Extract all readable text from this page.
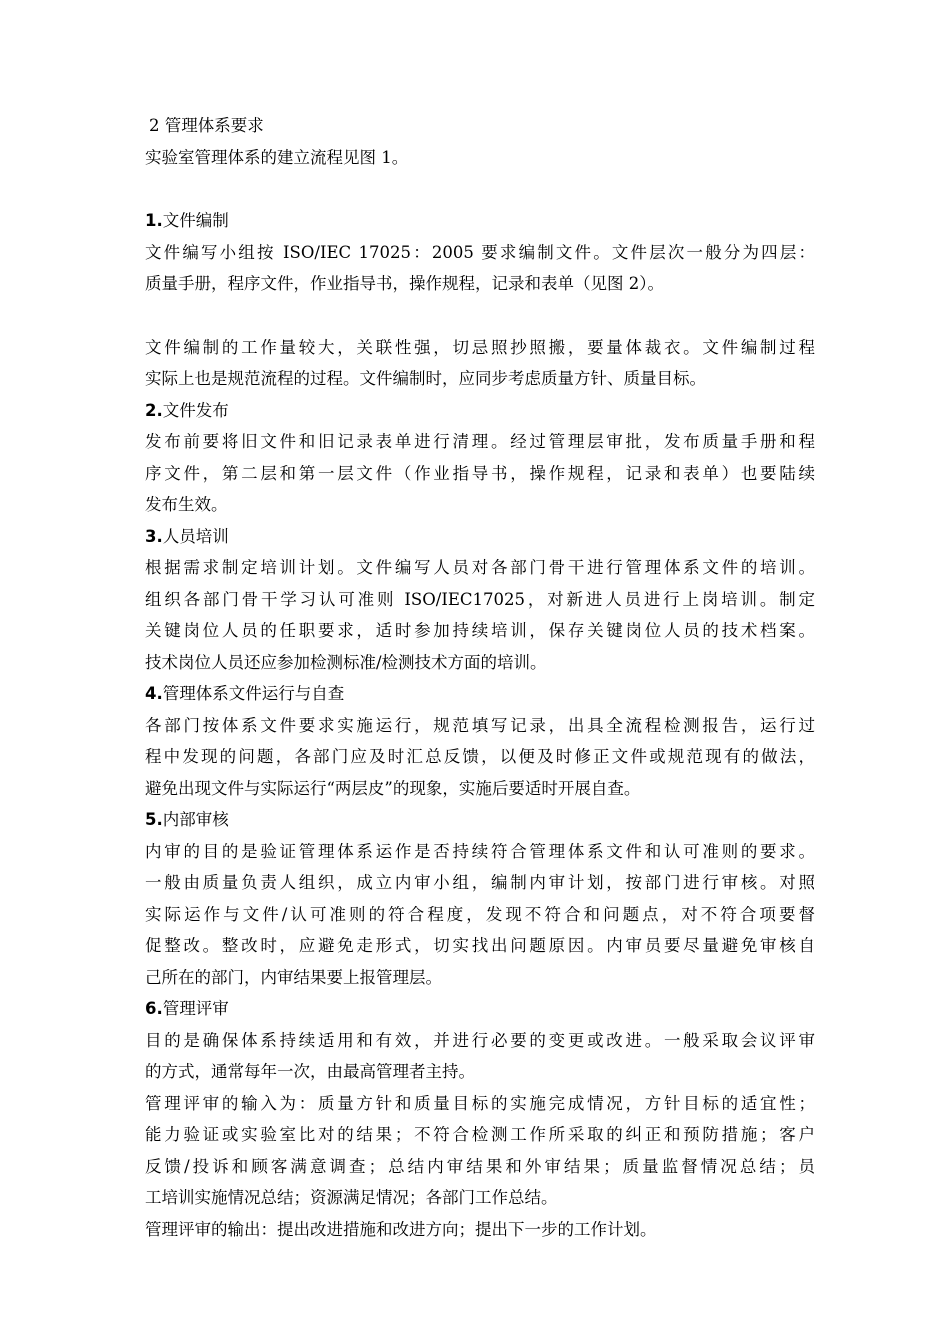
2 管理体系要求
实验室管理体系的建立流程见图 1。
1.文件编制
文件编写小组按 ISO/IEC 17025：2005 要求编制文件。文件层次一般分为四层：
质量手册，程序文件，作业指导书，操作规程，记录和表单（见图 2）。
文件编制的工作量较大，关联性强，切忌照抄照搬，要量体裁衣。文件编制过程
实际上也是规范流程的过程。文件编制时，应同步考虑质量方针、质量目标。
2.文件发布
发布前要将旧文件和旧记录表单进行清理。经过管理层审批，发布质量手册和程
序文件，第二层和第一层文件（作业指导书，操作规程，记录和表单）也要陆续
发布生效。
3.人员培训
根据需求制定培训计划。文件编写人员对各部门骨干进行管理体系文件的培训。
组织各部门骨干学习认可准则 ISO/IEC17025，对新进人员进行上岗培训。制定
关键岗位人员的任职要求，适时参加持续培训，保存关键岗位人员的技术档案。
技术岗位人员还应参加检测标准/检测技术方面的培训。
4.管理体系文件运行与自查
各部门按体系文件要求实施运行，规范填写记录，出具全流程检测报告，运行过
程中发现的问题，各部门应及时汇总反馈，以便及时修正文件或规范现有的做法，
避免出现文件与实际运行“两层皮”的现象，实施后要适时开展自查。
5.内部审核
内审的目的是验证管理体系运作是否持续符合管理体系文件和认可准则的要求。
一般由质量负责人组织，成立内审小组，编制内审计划，按部门进行审核。对照
实际运作与文件/认可准则的符合程度，发现不符合和问题点，对不符合项要督
促整改。整改时，应避免走形式，切实找出问题原因。内审员要尽量避免审核自
己所在的部门，内审结果要上报管理层。
6.管理评审
目的是确保体系持续适用和有效，并进行必要的变更或改进。一般采取会议评审
的方式，通常每年一次，由最高管理者主持。
管理评审的输入为：质量方针和质量目标的实施完成情况，方针目标的适宜性；
能力验证或实验室比对的结果；不符合检测工作所采取的纠正和预防措施；客户
反馈/投诉和顾客满意调查；总结内审结果和外审结果；质量监督情况总结；员
工培训实施情况总结；资源满足情况；各部门工作总结。
管理评审的输出：提出改进措施和改进方向；提出下一步的工作计划。
